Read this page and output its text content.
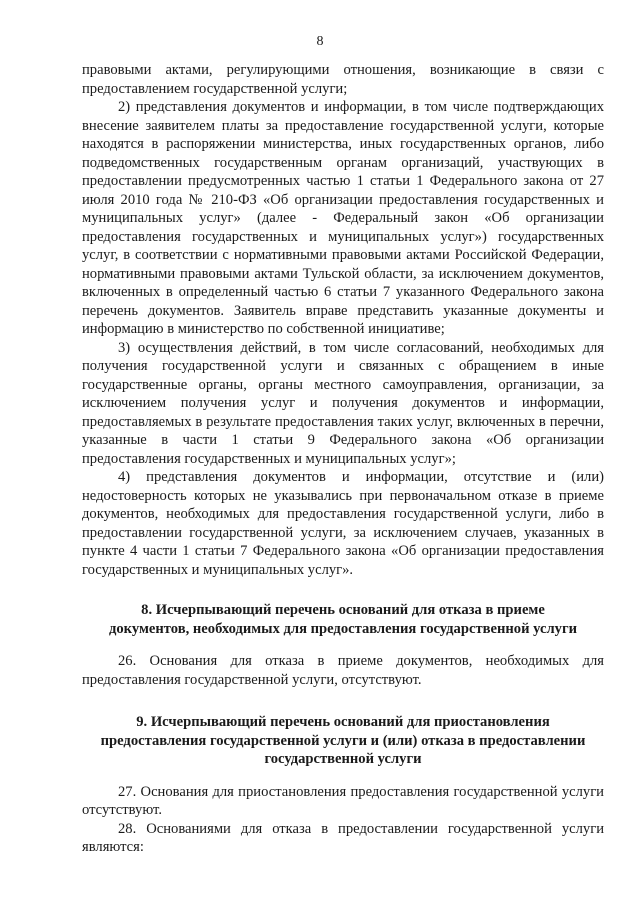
8

правовыми актами, регулирующими отношения, возникающие в связи с предоставлением государственной услуги;

2) представления документов и информации, в том числе подтверждающих внесение заявителем платы за предоставление государственной услуги, которые находятся в распоряжении министерства, иных государственных органов, либо подведомственных государственным органам организаций, участвующих в предоставлении предусмотренных частью 1 статьи 1 Федерального закона от 27 июля 2010 года № 210-ФЗ «Об организации предоставления государственных и муниципальных услуг» (далее - Федеральный закон «Об организации предоставления государственных и муниципальных услуг») государственных услуг, в соответствии с нормативными правовыми актами Российской Федерации, нормативными правовыми актами Тульской области, за исключением документов, включенных в определенный частью 6 статьи 7 указанного Федерального закона перечень документов. Заявитель вправе представить указанные документы и информацию в министерство по собственной инициативе;

3) осуществления действий, в том числе согласований, необходимых для получения государственной услуги и связанных с обращением в иные государственные органы, органы местного самоуправления, организации, за исключением получения услуг и получения документов и информации, предоставляемых в результате предоставления таких услуг, включенных в перечни, указанные в части 1 статьи 9 Федерального закона «Об организации предоставления государственных и муниципальных услуг»;

4) представления документов и информации, отсутствие и (или) недостоверность которых не указывались при первоначальном отказе в приеме документов, необходимых для предоставления государственной услуги, либо в предоставлении государственной услуги, за исключением случаев, указанных в пункте 4 части 1 статьи 7 Федерального закона «Об организации предоставления государственных и муниципальных услуг».

8. Исчерпывающий перечень оснований для отказа в приеме
документов, необходимых для предоставления государственной услуги

26. Основания для отказа в приеме документов, необходимых для предоставления государственной услуги, отсутствуют.

9. Исчерпывающий перечень оснований для приостановления
предоставления государственной услуги и (или) отказа в предоставлении
государственной услуги

27. Основания для приостановления предоставления государственной услуги отсутствуют.

28. Основаниями для отказа в предоставлении государственной услуги являются:
